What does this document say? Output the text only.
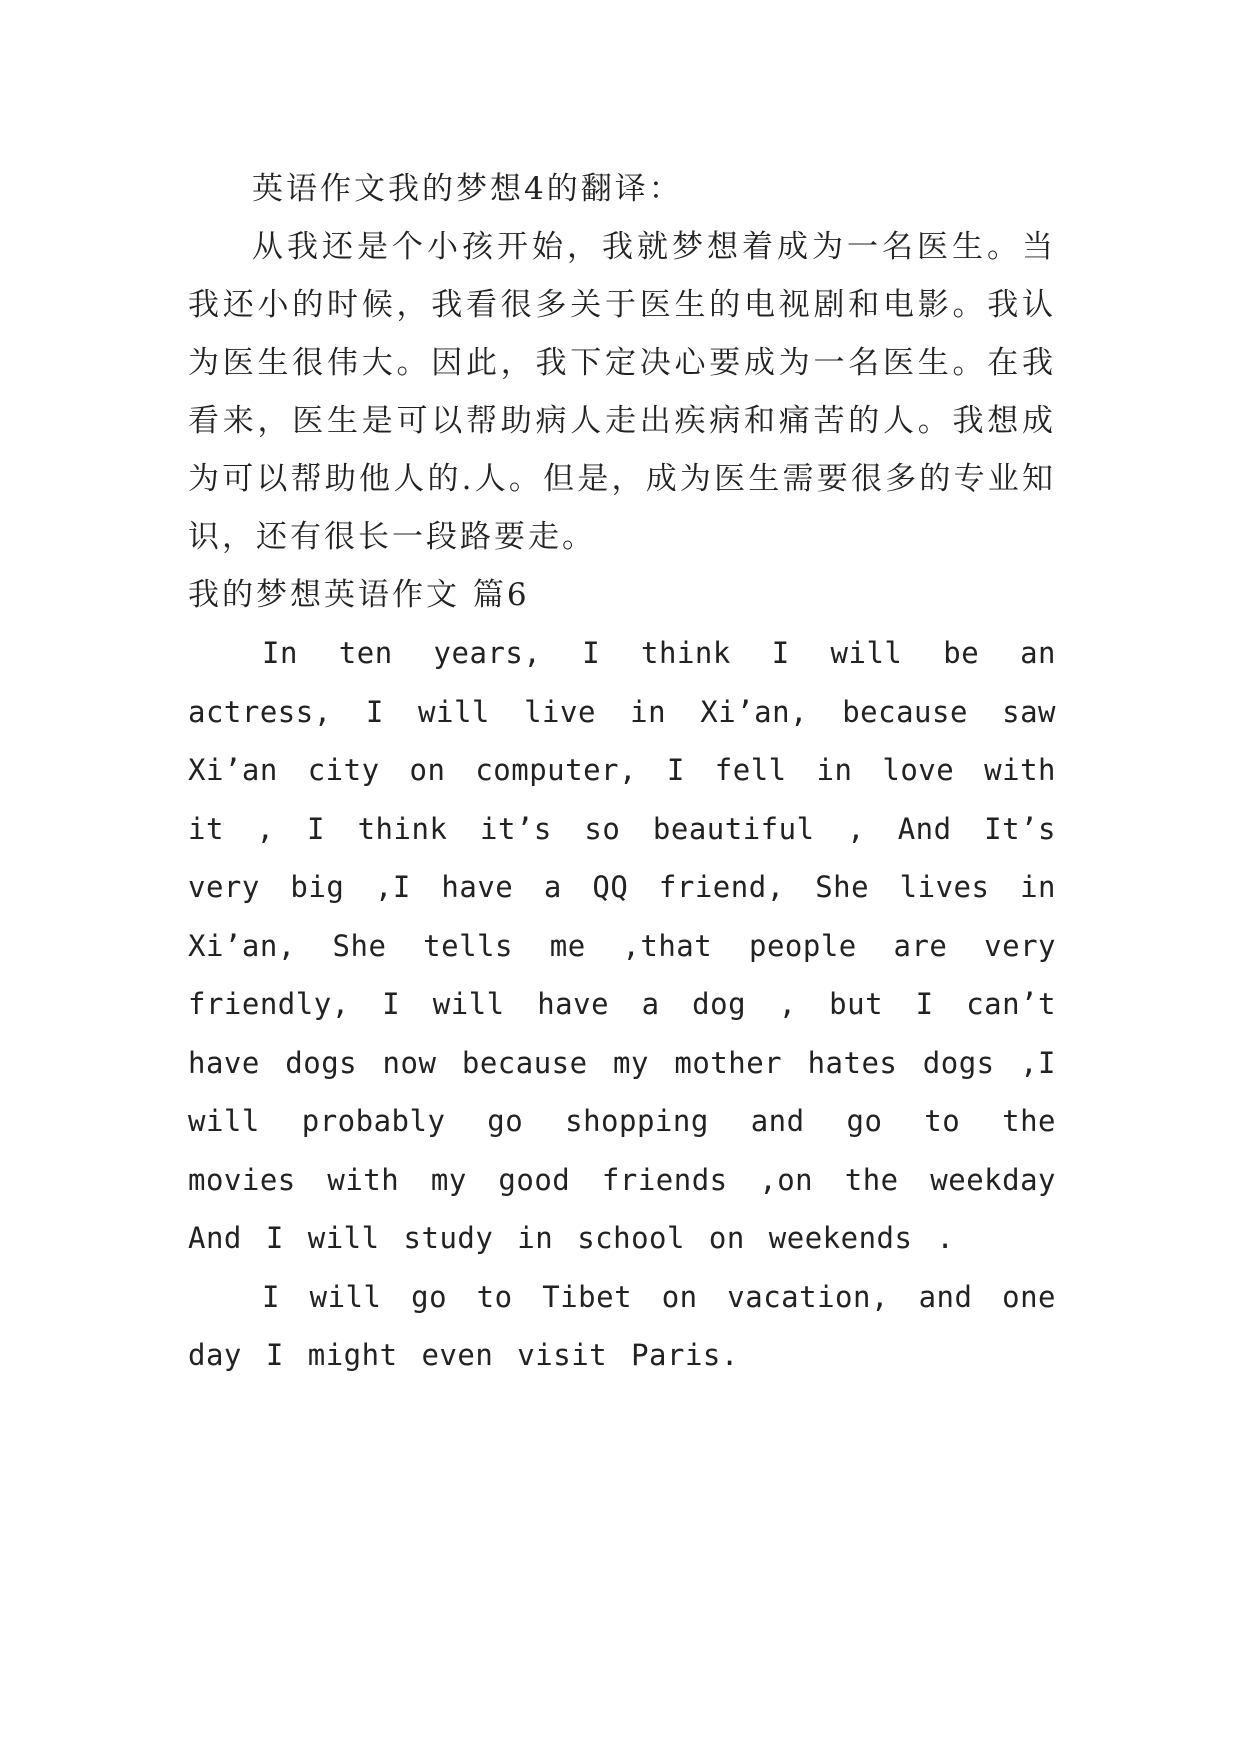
英语作文我的梦想4的翻译：

从我还是个小孩开始，我就梦想着成为一名医生。当我还小的时候，我看很多关于医生的电视剧和电影。我认为医生很伟大。因此，我下定决心要成为一名医生。在我看来，医生是可以帮助病人走出疾病和痛苦的人。我想成为可以帮助他人的.人。但是，成为医生需要很多的专业知识，还有很长一段路要走。

我的梦想英语作文 篇6

In ten years, I think I will be an actress, I will live in Xi’an, because saw Xi’an city on computer, I fell in love with it , I think it’s so beautiful , And It’s very big ,I have a QQ friend, She lives in Xi’an, She tells me ,that people are very friendly, I will have a dog , but I can’t have dogs now because my mother hates dogs ,I will probably go shopping and go to the movies with my good friends ,on the weekday And I will study in school on weekends .

I will go to Tibet on vacation, and one day I might even visit Paris.
